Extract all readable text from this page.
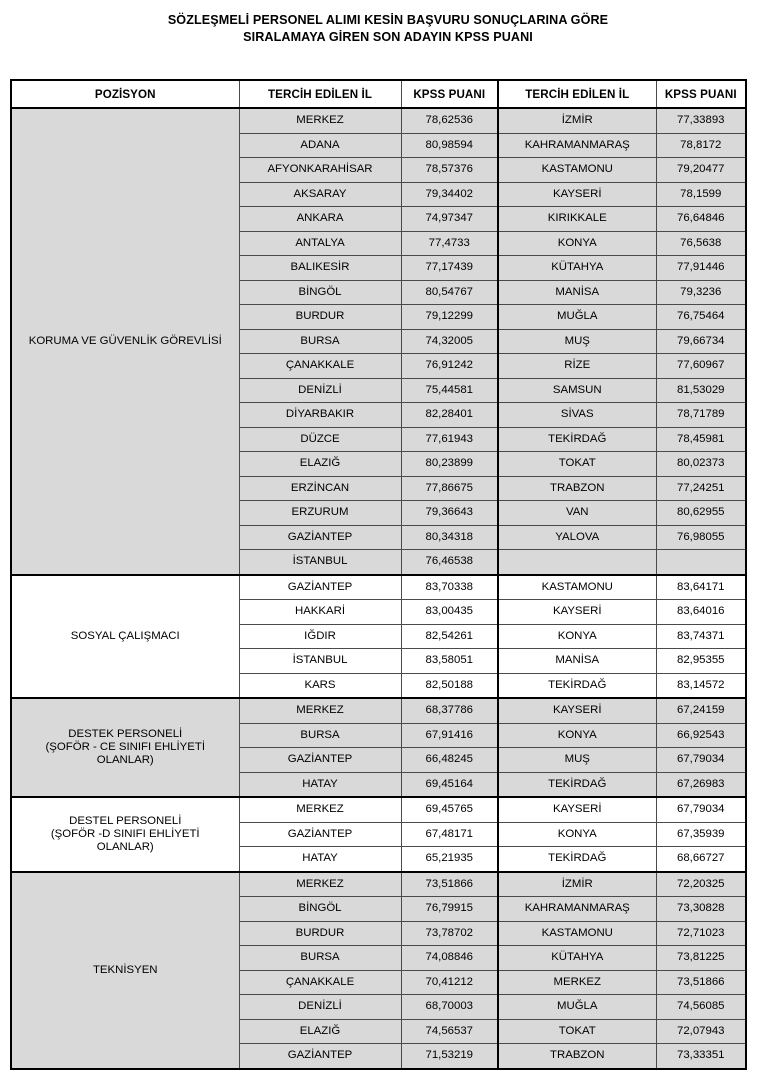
SÖZLEŞMELİ PERSONEL ALIMI KESİN BAŞVURU SONUÇLARINA GÖRE
SIRALAMAYA GİREN SON ADAYIN KPSS PUANI
POZİSYON	TERCİH EDİLEN İL	KPSS PUANI	TERCİH EDİLEN İL	KPSS PUANI
KORUMA VE GÜVENLİK GÖREVLİSİ	MERKEZ	78,62536	İZMİR	77,33893
	ADANA	80,98594	KAHRAMANMARAŞ	78,8172
	AFYONKARAHİSAR	78,57376	KASTAMONU	79,20477
	AKSARAY	79,34402	KAYSERİ	78,1599
	ANKARA	74,97347	KIRIKKALE	76,64846
	ANTALYA	77,4733	KONYA	76,5638
	BALIKESİR	77,17439	KÜTAHYA	77,91446
	BİNGÖL	80,54767	MANİSA	79,3236
	BURDUR	79,12299	MUĞLA	76,75464
	BURSA	74,32005	MUŞ	79,66734
	ÇANAKKALE	76,91242	RİZE	77,60967
	DENİZLİ	75,44581	SAMSUN	81,53029
	DİYARBAKIR	82,28401	SİVAS	78,71789
	DÜZCE	77,61943	TEKİRDAĞ	78,45981
	ELAZIĞ	80,23899	TOKAT	80,02373
	ERZİNCAN	77,86675	TRABZON	77,24251
	ERZURUM	79,36643	VAN	80,62955
	GAZİANTEP	80,34318	YALOVA	76,98055
	İSTANBUL	76,46538		
SOSYAL ÇALIŞMACI	GAZİANTEP	83,70338	KASTAMONU	83,64171
	HAKKARİ	83,00435	KAYSERİ	83,64016
	IĞDIR	82,54261	KONYA	83,74371
	İSTANBUL	83,58051	MANİSA	82,95355
	KARS	82,50188	TEKİRDAĞ	83,14572
DESTEK PERSONELİ
(ŞOFÖR - CE SINIFI EHLİYETİ
OLANLAR)	MERKEZ	68,37786	KAYSERİ	67,24159
	BURSA	67,91416	KONYA	66,92543
	GAZİANTEP	66,48245	MUŞ	67,79034
	HATAY	69,45164	TEKİRDAĞ	67,26983
DESTEL PERSONELİ
(ŞOFÖR -D SINIFI EHLİYETİ
OLANLAR)	MERKEZ	69,45765	KAYSERİ	67,79034
	GAZİANTEP	67,48171	KONYA	67,35939
	HATAY	65,21935	TEKİRDAĞ	68,66727
TEKNİSYEN	MERKEZ	73,51866	İZMİR	72,20325
	BİNGÖL	76,79915	KAHRAMANMARAŞ	73,30828
	BURDUR	73,78702	KASTAMONU	72,71023
	BURSA	74,08846	KÜTAHYA	73,81225
	ÇANAKKALE	70,41212	MERKEZ	73,51866
	DENİZLİ	68,70003	MUĞLA	74,56085
	ELAZIĞ	74,56537	TOKAT	72,07943
	GAZİANTEP	71,53219	TRABZON	73,33351
